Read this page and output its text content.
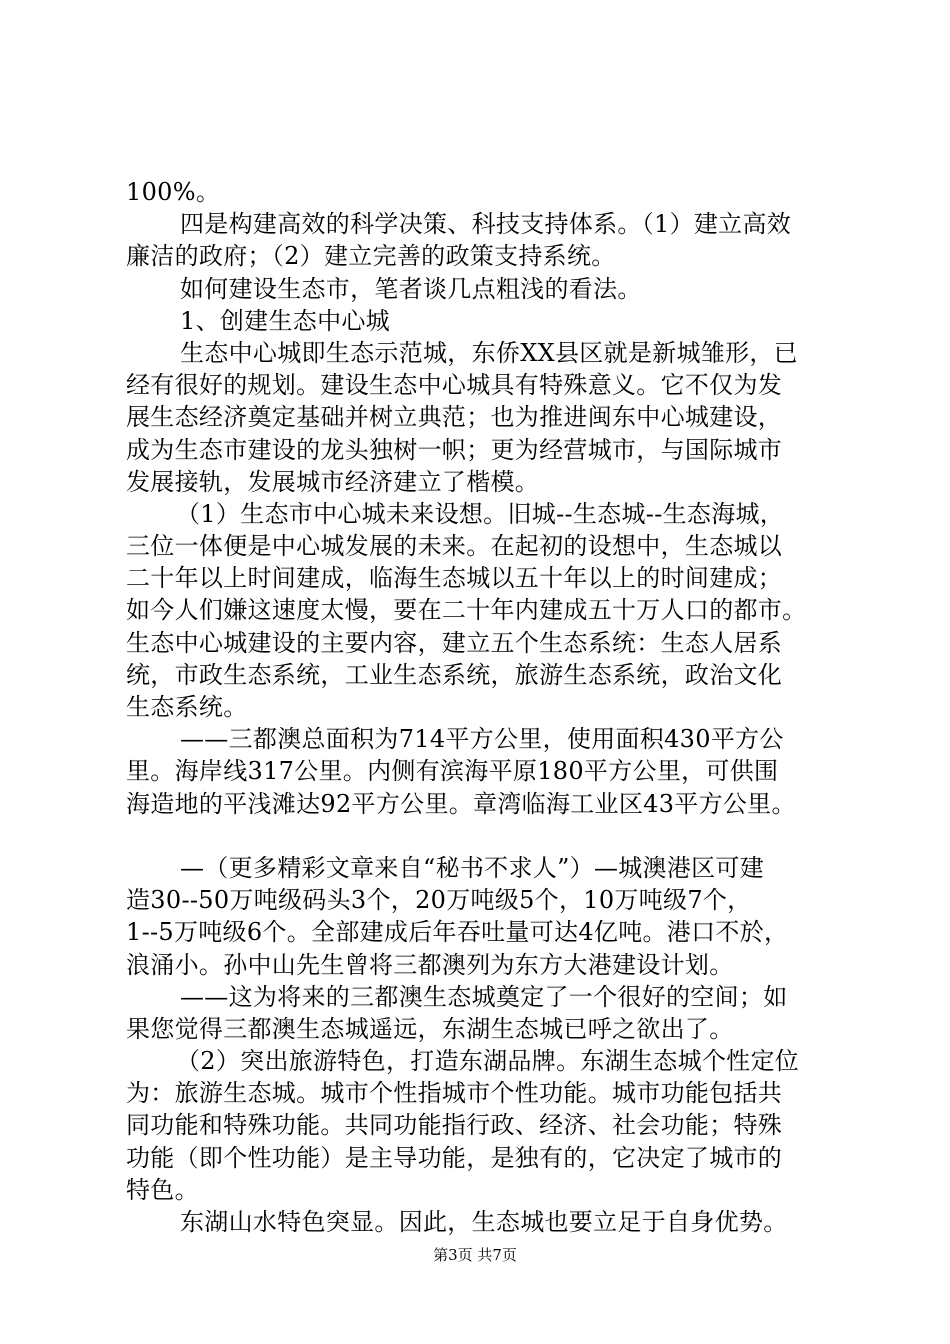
100%。
四是构建高效的科学决策、科技支持体系。（1）建立高效
廉洁的政府；（2）建立完善的政策支持系统。
如何建设生态市，笔者谈几点粗浅的看法。
1、创建生态中心城
生态中心城即生态示范城，东侨XX县区就是新城雏形，已
经有很好的规划。建设生态中心城具有特殊意义。它不仅为发
展生态经济奠定基础并树立典范；也为推进闽东中心城建设，
成为生态市建设的龙头独树一帜；更为经营城市，与国际城市
发展接轨，发展城市经济建立了楷模。
（1）生态市中心城未来设想。旧城--生态城--生态海城，
三位一体便是中心城发展的未来。在起初的设想中，生态城以
二十年以上时间建成，临海生态城以五十年以上的时间建成；
如今人们嫌这速度太慢，要在二十年内建成五十万人口的都市。
生态中心城建设的主要内容，建立五个生态系统：生态人居系
统，市政生态系统，工业生态系统，旅游生态系统，政治文化
生态系统。
——三都澳总面积为714平方公里，使用面积430平方公
里。海岸线317公里。内侧有滨海平原180平方公里，可供围
海造地的平浅滩达92平方公里。章湾临海工业区43平方公里。
—（更多精彩文章来自“秘书不求人”）—城澳港区可建
造30--50万吨级码头3个，20万吨级5个，10万吨级7个，
1--5万吨级6个。全部建成后年吞吐量可达4亿吨。港口不於，
浪涌小。孙中山先生曾将三都澳列为东方大港建设计划。
——这为将来的三都澳生态城奠定了一个很好的空间；如
果您觉得三都澳生态城遥远，东湖生态城已呼之欲出了。
（2）突出旅游特色，打造东湖品牌。东湖生态城个性定位
为：旅游生态城。城市个性指城市个性功能。城市功能包括共
同功能和特殊功能。共同功能指行政、经济、社会功能；特殊
功能（即个性功能）是主导功能，是独有的，它决定了城市的
特色。
东湖山水特色突显。因此，生态城也要立足于自身优势。
第3页 共7页
